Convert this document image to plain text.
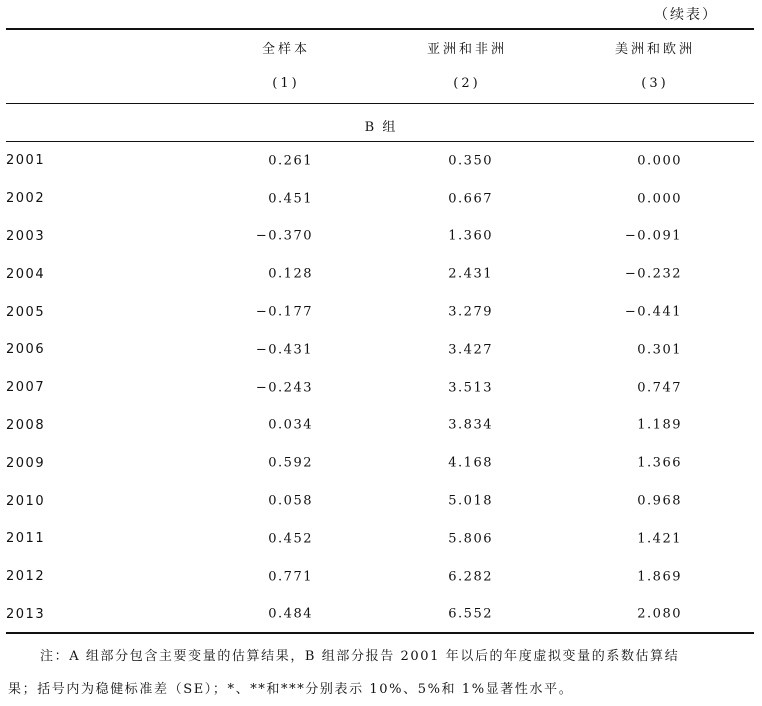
（续表）
全样本	亚洲和非洲	美洲和欧洲
(1)	(2)	(3)
B 组
2001	0.261 0.350 0.000

2002	0.451 0.667 0.000

2003	−0.370 1.360 −0.091

2004	0.128 2.431 −0.232

2005	−0.177 3.279 −0.441

2006	−0.431 3.427 0.301

2007	−0.243 3.513 0.747

2008	0.034 3.834 1.189

2009	0.592 4.168 1.366

2010	0.058 5.018 0.968

2011	0.452 5.806 1.421

2012	0.771 6.282 1.869

2013	0.484 6.552 2.080
注：A 组部分包含主要变量的估算结果，B 组部分报告 2001 年以后的年度虚拟变量的系数估算结
果；括号内为稳健标准差（SE）；*、**和***分别表示 10%、5%和 1%显著性水平。
